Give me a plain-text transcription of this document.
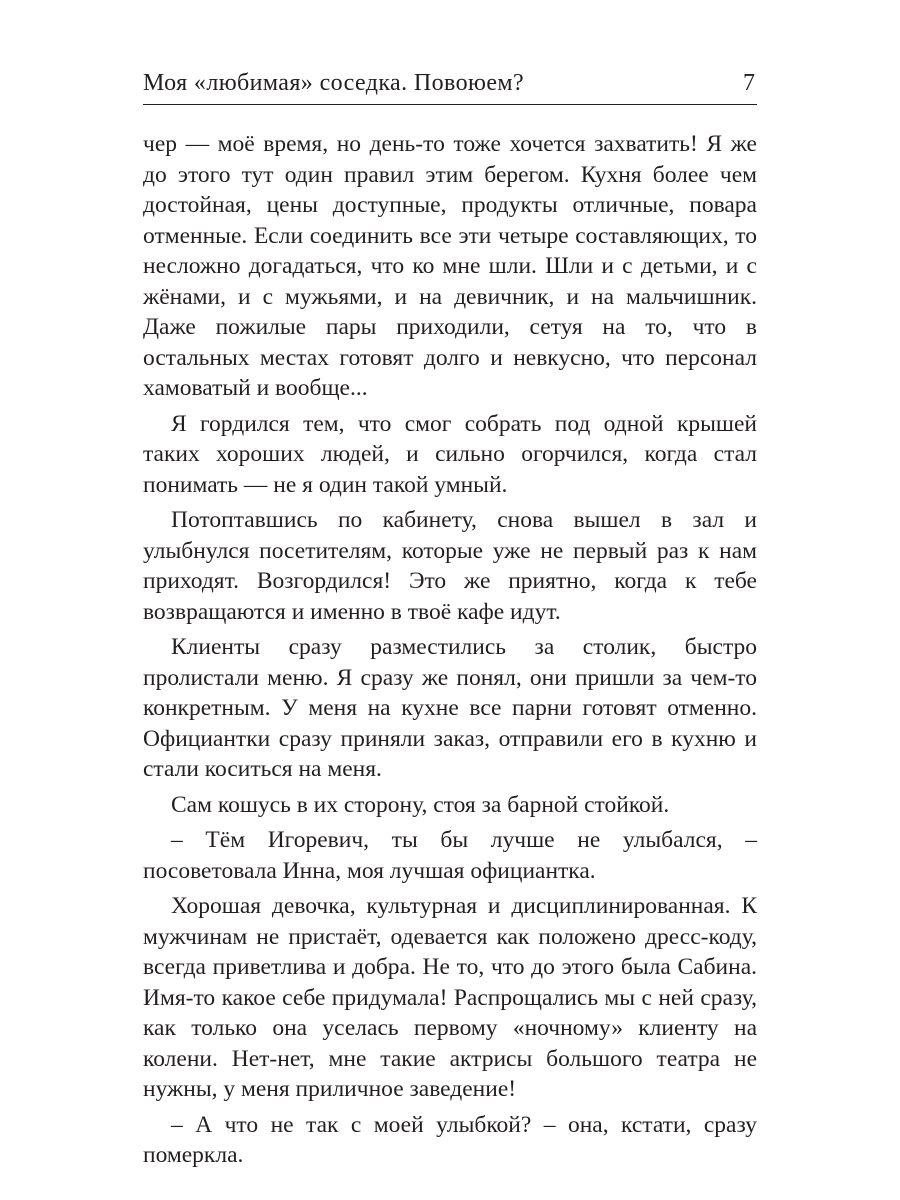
Моя «любимая» соседка. Повоюем?	7

чер — моё время, но день-то тоже хочется захватить! Я же до этого тут один правил этим берегом. Кухня более чем достойная, цены доступные, продукты отличные, повара отменные. Если соединить все эти четыре составляющих, то несложно догадаться, что ко мне шли. Шли и с детьми, и с жёнами, и с мужьями, и на девичник, и на мальчишник. Даже пожилые пары приходили, сетуя на то, что в остальных местах готовят долго и невкусно, что персонал хамоватый и вообще...

Я гордился тем, что смог собрать под одной крышей таких хороших людей, и сильно огорчился, когда стал понимать — не я один такой умный.

Потоптавшись по кабинету, снова вышел в зал и улыбнулся посетителям, которые уже не первый раз к нам приходят. Возгордился! Это же приятно, когда к тебе возвращаются и именно в твоё кафе идут.

Клиенты сразу разместились за столик, быстро пролистали меню. Я сразу же понял, они пришли за чем-то конкретным. У меня на кухне все парни готовят отменно. Официантки сразу приняли заказ, отправили его в кухню и стали коситься на меня.

Сам кошусь в их сторону, стоя за барной стойкой.

– Тём Игоревич, ты бы лучше не улыбался, – посоветовала Инна, моя лучшая официантка.

Хорошая девочка, культурная и дисциплинированная. К мужчинам не пристаёт, одевается как положено дресс-коду, всегда приветлива и добра. Не то, что до этого была Сабина. Имя-то какое себе придумала! Распрощались мы с ней сразу, как только она уселась первому «ночному» клиенту на колени. Нет-нет, мне такие актрисы большого театра не нужны, у меня приличное заведение!

– А что не так с моей улыбкой? – она, кстати, сразу померкла.
